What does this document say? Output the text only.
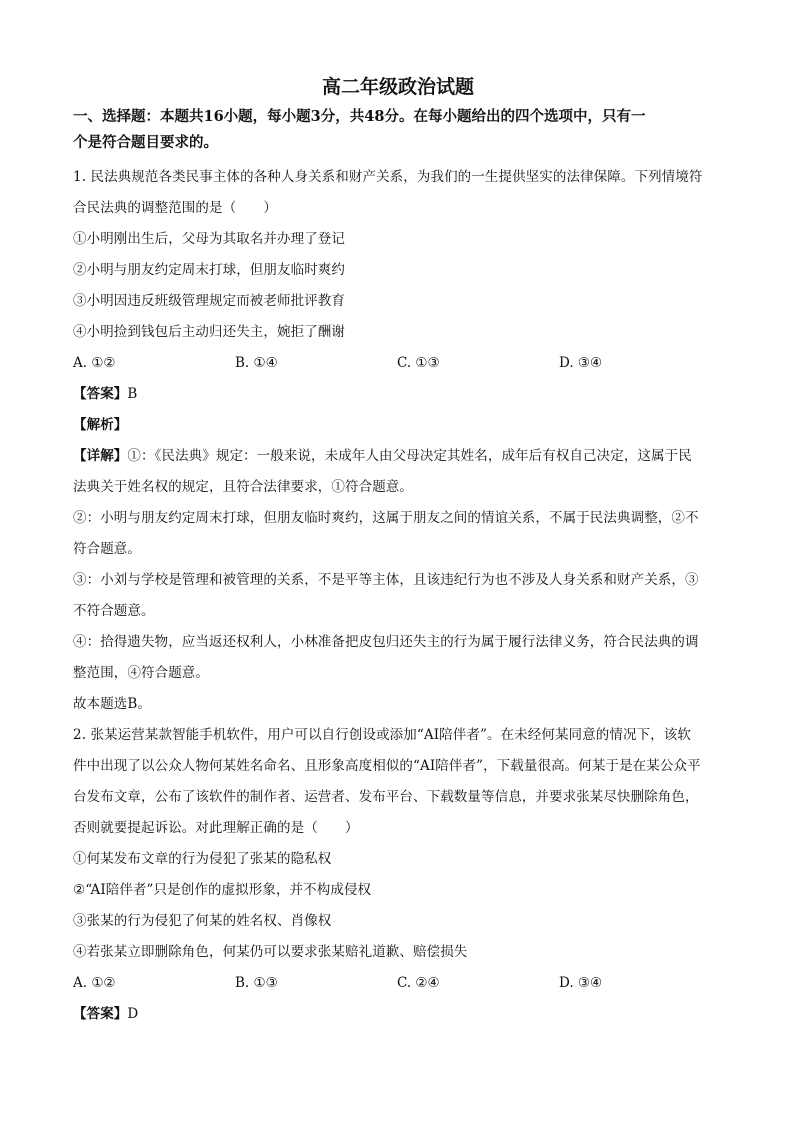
高二年级政治试题

一、选择题：本题共16小题，每小题3分，共48分。在每小题给出的四个选项中，只有一
个是符合题目要求的。

1. 民法典规范各类民事主体的各种人身关系和财产关系，为我们的一生提供坚实的法律保障。下列情境符
合民法典的调整范围的是（　　）

①小明刚出生后，父母为其取名并办理了登记

②小明与朋友约定周末打球，但朋友临时爽约

③小明因违反班级管理规定而被老师批评教育

④小明捡到钱包后主动归还失主，婉拒了酬谢

A. ①②	B. ①④	C. ①③	D. ③④

【答案】B

【解析】

【详解】①：《民法典》规定：一般来说，未成年人由父母决定其姓名，成年后有权自己决定，这属于民
法典关于姓名权的规定，且符合法律要求，①符合题意。

②：小明与朋友约定周末打球，但朋友临时爽约，这属于朋友之间的情谊关系，不属于民法典调整，②不
符合题意。

③：小刘与学校是管理和被管理的关系，不是平等主体，且该违纪行为也不涉及人身关系和财产关系，③
不符合题意。

④：拾得遗失物，应当返还权利人，小林准备把皮包归还失主的行为属于履行法律义务，符合民法典的调
整范围，④符合题意。

故本题选B。

2. 张某运营某款智能手机软件，用户可以自行创设或添加“AI陪伴者”。在未经何某同意的情况下，该软
件中出现了以公众人物何某姓名命名、且形象高度相似的“AI陪伴者”，下载量很高。何某于是在某公众平
台发布文章，公布了该软件的制作者、运营者、发布平台、下载数量等信息，并要求张某尽快删除角色，
否则就要提起诉讼。对此理解正确的是（　　）

①何某发布文章的行为侵犯了张某的隐私权

②“AI陪伴者”只是创作的虚拟形象，并不构成侵权

③张某的行为侵犯了何某的姓名权、肖像权

④若张某立即删除角色，何某仍可以要求张某赔礼道歉、赔偿损失

A. ①②	B. ①③	C. ②④	D. ③④

【答案】D
